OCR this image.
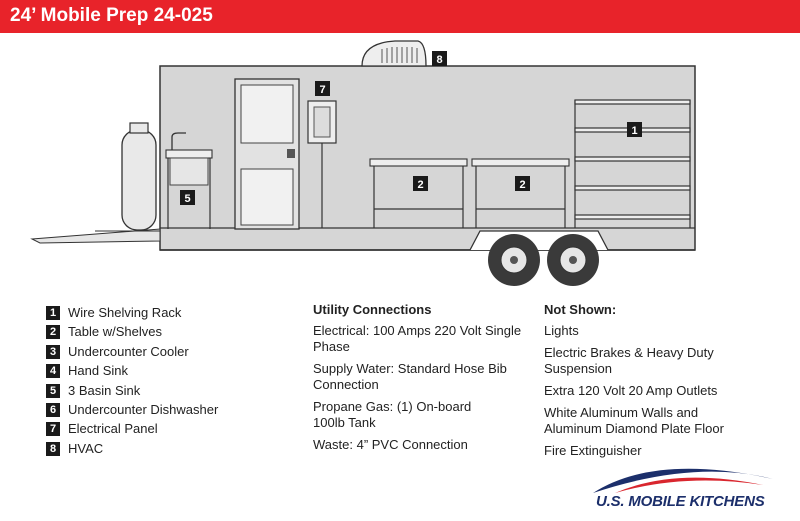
24’ Mobile Prep 24-025
8
7
1
2	2
5
1 Wire Shelving Rack
2 Table w/Shelves
3 Undercounter Cooler
4 Hand Sink
5 3 Basin Sink
6 Undercounter Dishwasher
7 Electrical Panel
8 HVAC
Utility Connections
Electrical: 100 Amps 220 Volt Single Phase
Supply Water: Standard Hose Bib Connection
Propane Gas: (1) On-board 100lb Tank
Waste: 4” PVC Connection
Not Shown:
Lights
Electric Brakes & Heavy Duty Suspension
Extra 120 Volt 20 Amp Outlets
White Aluminum Walls and Aluminum Diamond Plate Floor
Fire Extinguisher
U.S. MOBILE KITCHENS
